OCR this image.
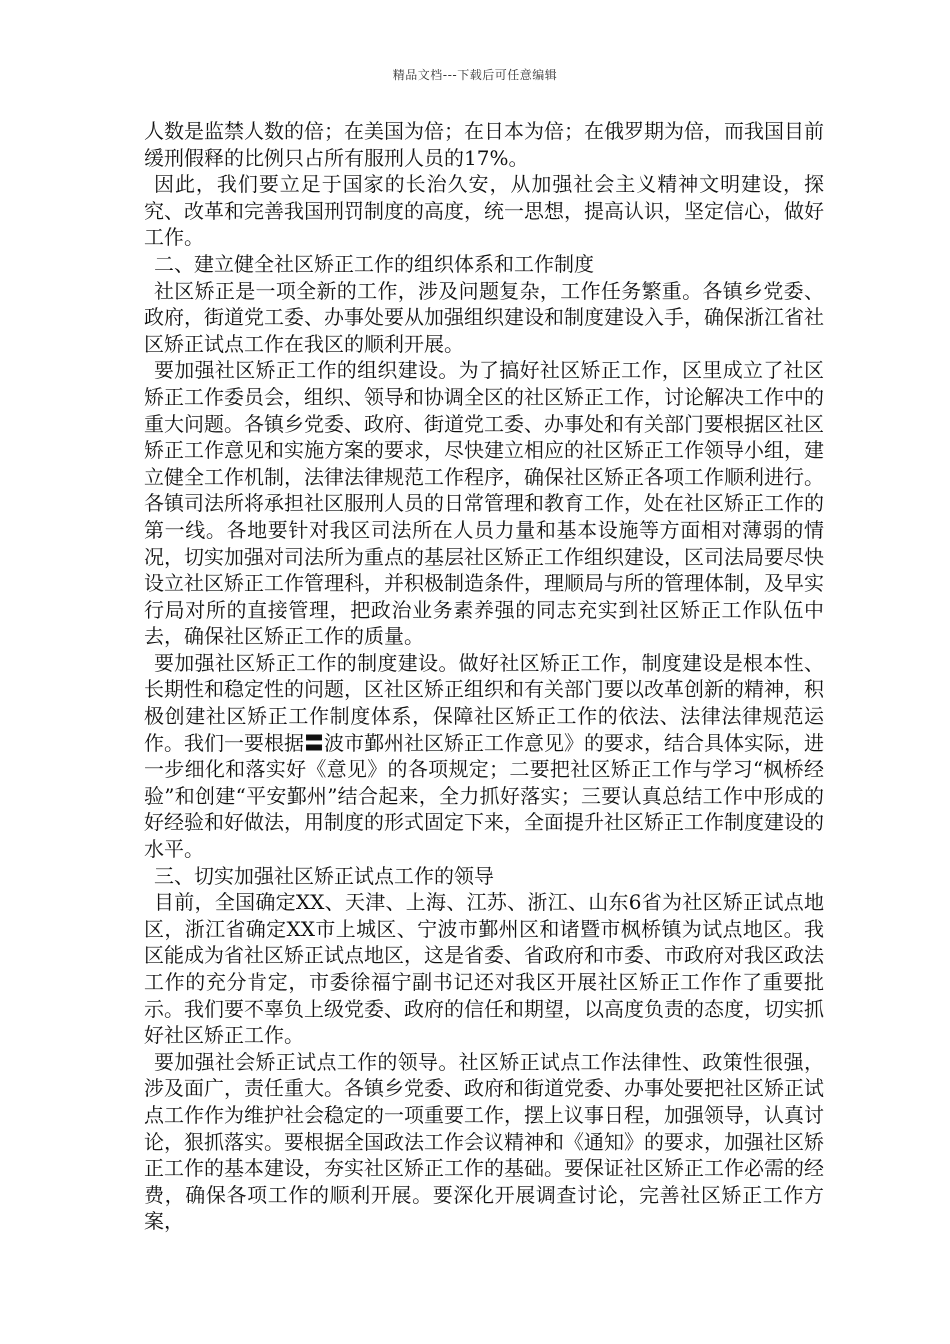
精品文档---下载后可任意编辑

人数是监禁人数的倍；在美国为倍；在日本为倍；在俄罗期为倍，而我国目前缓刑假释的比例只占所有服刑人员的17%。

因此，我们要立足于国家的长治久安，从加强社会主义精神文明建设，探究、改革和完善我国刑罚制度的高度，统一思想，提高认识，坚定信心，做好工作。

二、建立健全社区矫正工作的组织体系和工作制度

社区矫正是一项全新的工作，涉及问题复杂，工作任务繁重。各镇乡党委、政府，街道党工委、办事处要从加强组织建设和制度建设入手，确保浙江省社区矫正试点工作在我区的顺利开展。

要加强社区矫正工作的组织建设。为了搞好社区矫正工作，区里成立了社区矫正工作委员会，组织、领导和协调全区的社区矫正工作，讨论解决工作中的重大问题。各镇乡党委、政府、街道党工委、办事处和有关部门要根据区社区矫正工作意见和实施方案的要求，尽快建立相应的社区矫正工作领导小组，建立健全工作机制，法律法律规范工作程序，确保社区矫正各项工作顺利进行。各镇司法所将承担社区服刑人员的日常管理和教育工作，处在社区矫正工作的第一线。各地要针对我区司法所在人员力量和基本设施等方面相对薄弱的情况，切实加强对司法所为重点的基层社区矫正工作组织建设，区司法局要尽快设立社区矫正工作管理科，并积极制造条件，理顺局与所的管理体制，及早实行局对所的直接管理，把政治业务素养强的同志充实到社区矫正工作队伍中去，确保社区矫正工作的质量。

要加强社区矫正工作的制度建设。做好社区矫正工作，制度建设是根本性、长期性和稳定性的问题，区社区矫正组织和有关部门要以改革创新的精神，积极创建社区矫正工作制度体系，保障社区矫正工作的依法、法律法律规范运作。我们一要根据〓波市鄞州社区矫正工作意见》的要求，结合具体实际，进一步细化和落实好《意见》的各项规定；二要把社区矫正工作与学习“枫桥经验”和创建“平安鄞州”结合起来，全力抓好落实；三要认真总结工作中形成的好经验和好做法，用制度的形式固定下来，全面提升社区矫正工作制度建设的水平。

三、切实加强社区矫正试点工作的领导

目前，全国确定XX、天津、上海、江苏、浙江、山东6省为社区矫正试点地区，浙江省确定XX市上城区、宁波市鄞州区和诸暨市枫桥镇为试点地区。我区能成为省社区矫正试点地区，这是省委、省政府和市委、市政府对我区政法工作的充分肯定，市委徐福宁副书记还对我区开展社区矫正工作作了重要批示。我们要不辜负上级党委、政府的信任和期望，以高度负责的态度，切实抓好社区矫正工作。

要加强社会矫正试点工作的领导。社区矫正试点工作法律性、政策性很强，涉及面广，责任重大。各镇乡党委、政府和街道党委、办事处要把社区矫正试点工作作为维护社会稳定的一项重要工作，摆上议事日程，加强领导，认真讨论，狠抓落实。要根据全国政法工作会议精神和《通知》的要求，加强社区矫正工作的基本建设，夯实社区矫正工作的基础。要保证社区矫正工作必需的经费，确保各项工作的顺利开展。要深化开展调查讨论，完善社区矫正工作方案，
